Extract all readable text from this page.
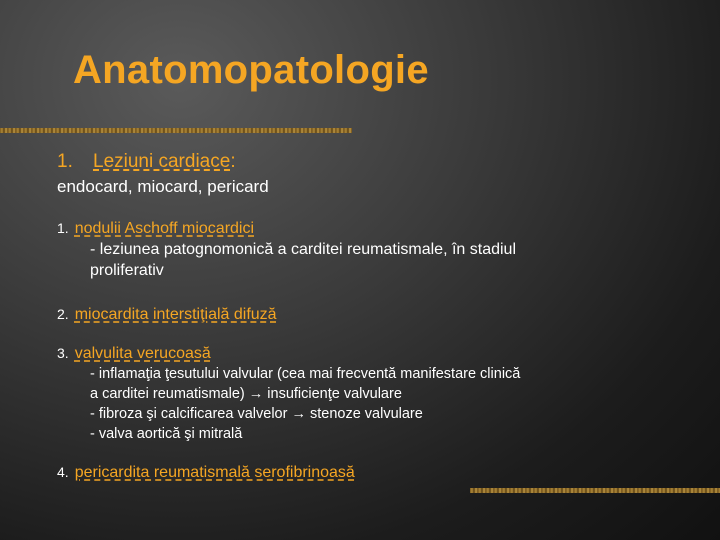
Anatomopatologie
1. Leziuni cardiace:
endocard, miocard, pericard
1. nodulii Aschoff miocardici
- leziunea patognomonică a carditei reumatismale, în stadiul
proliferativ
2. miocardita interstiţială difuză
3. valvulita verucoasă
- inflamaţia ţesutului valvular (cea mai frecventă manifestare clinică
a carditei reumatismale) → insuficienţe valvulare
- fibroza şi calcificarea valvelor → stenoze valvulare
- valva aortică şi mitrală
4. pericardita reumatismală serofibrinoasă
